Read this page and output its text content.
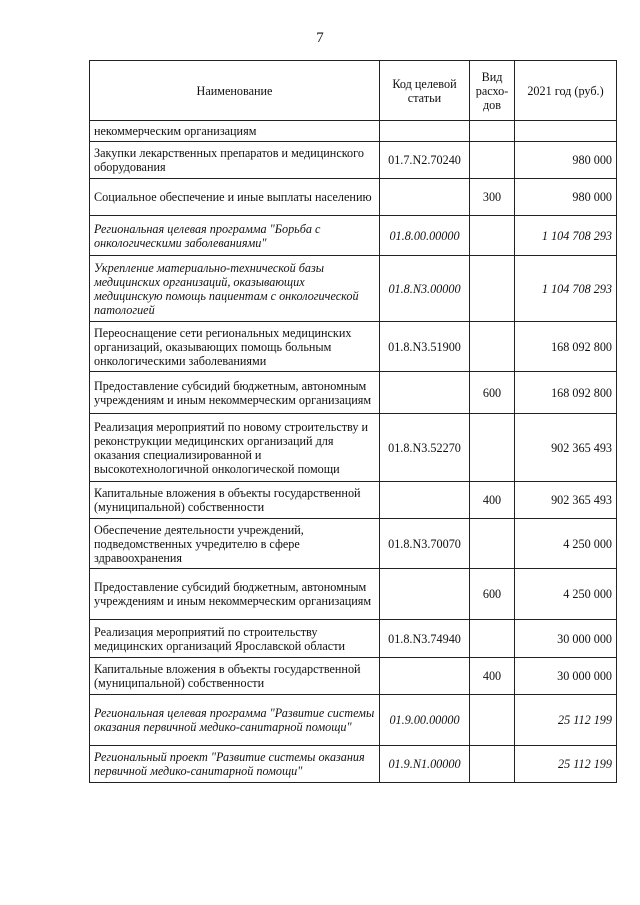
7
Наименование	Код целевой статьи	Вид расхо-дов	2021 год (руб.)
некоммерческим организациям			
Закупки лекарственных препаратов и медицинского оборудования	01.7.N2.70240		980 000
Социальное обеспечение и иные выплаты населению		300	980 000
Региональная целевая программа "Борьба с онкологическими заболеваниями"	01.8.00.00000		1 104 708 293
Укрепление материально-технической базы медицинских организаций, оказывающих медицинскую помощь пациентам с онкологической патологией	01.8.N3.00000		1 104 708 293
Переоснащение сети региональных медицинских организаций, оказывающих помощь больным онкологическими заболеваниями	01.8.N3.51900		168 092 800
Предоставление субсидий бюджетным, автономным учреждениям и иным некоммерческим организациям		600	168 092 800
Реализация мероприятий по новому строительству и реконструкции медицинских организаций для оказания специализированной и высокотехнологичной онкологической помощи	01.8.N3.52270		902 365 493
Капитальные вложения в объекты государственной (муниципальной) собственности		400	902 365 493
Обеспечение деятельности учреждений, подведомственных учредителю в сфере здравоохранения	01.8.N3.70070		4 250 000
Предоставление субсидий бюджетным, автономным учреждениям и иным некоммерческим организациям		600	4 250 000
Реализация мероприятий по строительству медицинских организаций Ярославской области	01.8.N3.74940		30 000 000
Капитальные вложения в объекты государственной (муниципальной) собственности		400	30 000 000
Региональная целевая программа "Развитие системы оказания первичной медико-санитарной помощи"	01.9.00.00000		25 112 199
Региональный проект "Развитие системы оказания первичной медико-санитарной помощи"	01.9.N1.00000		25 112 199
